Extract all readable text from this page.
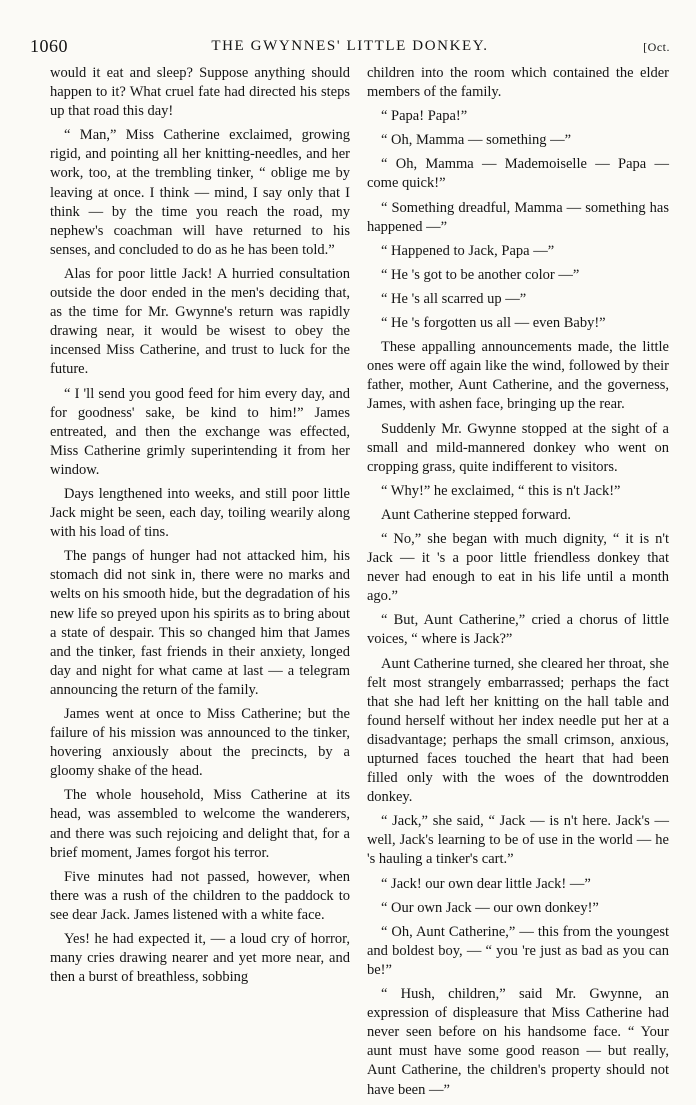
1060	THE GWYNNES' LITTLE DONKEY.	[Oct.

would it eat and sleep? Suppose anything should happen to it? What cruel fate had directed his steps up that road this day!

“ Man,” Miss Catherine exclaimed, growing rigid, and pointing all her knitting-needles, and her work, too, at the trembling tinker, “ oblige me by leaving at once. I think — mind, I say only that I think — by the time you reach the road, my nephew's coachman will have returned to his senses, and concluded to do as he has been told.”

Alas for poor little Jack! A hurried consultation outside the door ended in the men's deciding that, as the time for Mr. Gwynne's return was rapidly drawing near, it would be wisest to obey the incensed Miss Catherine, and trust to luck for the future.

“ I 'll send you good feed for him every day, and for goodness' sake, be kind to him!” James entreated, and then the exchange was effected, Miss Catherine grimly superintending it from her window.

Days lengthened into weeks, and still poor little Jack might be seen, each day, toiling wearily along with his load of tins.

The pangs of hunger had not attacked him, his stomach did not sink in, there were no marks and welts on his smooth hide, but the degradation of his new life so preyed upon his spirits as to bring about a state of despair. This so changed him that James and the tinker, fast friends in their anxiety, longed day and night for what came at last — a telegram announcing the return of the family.

James went at once to Miss Catherine; but the failure of his mission was announced to the tinker, hovering anxiously about the precincts, by a gloomy shake of the head.

The whole household, Miss Catherine at its head, was assembled to welcome the wanderers, and there was such rejoicing and delight that, for a brief moment, James forgot his terror.

Five minutes had not passed, however, when there was a rush of the children to the paddock to see dear Jack. James listened with a white face.

Yes! he had expected it, — a loud cry of horror, many cries drawing nearer and yet more near, and then a burst of breathless, sobbing

children into the room which contained the elder members of the family.

“ Papa! Papa!”

“ Oh, Mamma — something —”

“ Oh, Mamma — Mademoiselle — Papa — come quick!”

“ Something dreadful, Mamma — something has happened —”

“ Happened to Jack, Papa —”

“ He 's got to be another color —”

“ He 's all scarred up —”

“ He 's forgotten us all — even Baby!”

These appalling announcements made, the little ones were off again like the wind, followed by their father, mother, Aunt Catherine, and the governess, James, with ashen face, bringing up the rear.

Suddenly Mr. Gwynne stopped at the sight of a small and mild-mannered donkey who went on cropping grass, quite indifferent to visitors.

“ Why!” he exclaimed, “ this is n't Jack!”

Aunt Catherine stepped forward.

“ No,” she began with much dignity, “ it is n't Jack — it 's a poor little friendless donkey that never had enough to eat in his life until a month ago.”

“ But, Aunt Catherine,” cried a chorus of little voices, “ where is Jack?”

Aunt Catherine turned, she cleared her throat, she felt most strangely embarrassed; perhaps the fact that she had left her knitting on the hall table and found herself without her index needle put her at a disadvantage; perhaps the small crimson, anxious, upturned faces touched the heart that had been filled only with the woes of the downtrodden donkey.

“ Jack,” she said, “ Jack — is n't here. Jack's — well, Jack's learning to be of use in the world — he 's hauling a tinker's cart.”

“ Jack! our own dear little Jack! —”

“ Our own Jack — our own donkey!”

“ Oh, Aunt Catherine,” — this from the youngest and boldest boy, — “ you 're just as bad as you can be!”

“ Hush, children,” said Mr. Gwynne, an expression of displeasure that Miss Catherine had never seen before on his handsome face. “ Your aunt must have some good reason — but really, Aunt Catherine, the children's property should not have been —”
